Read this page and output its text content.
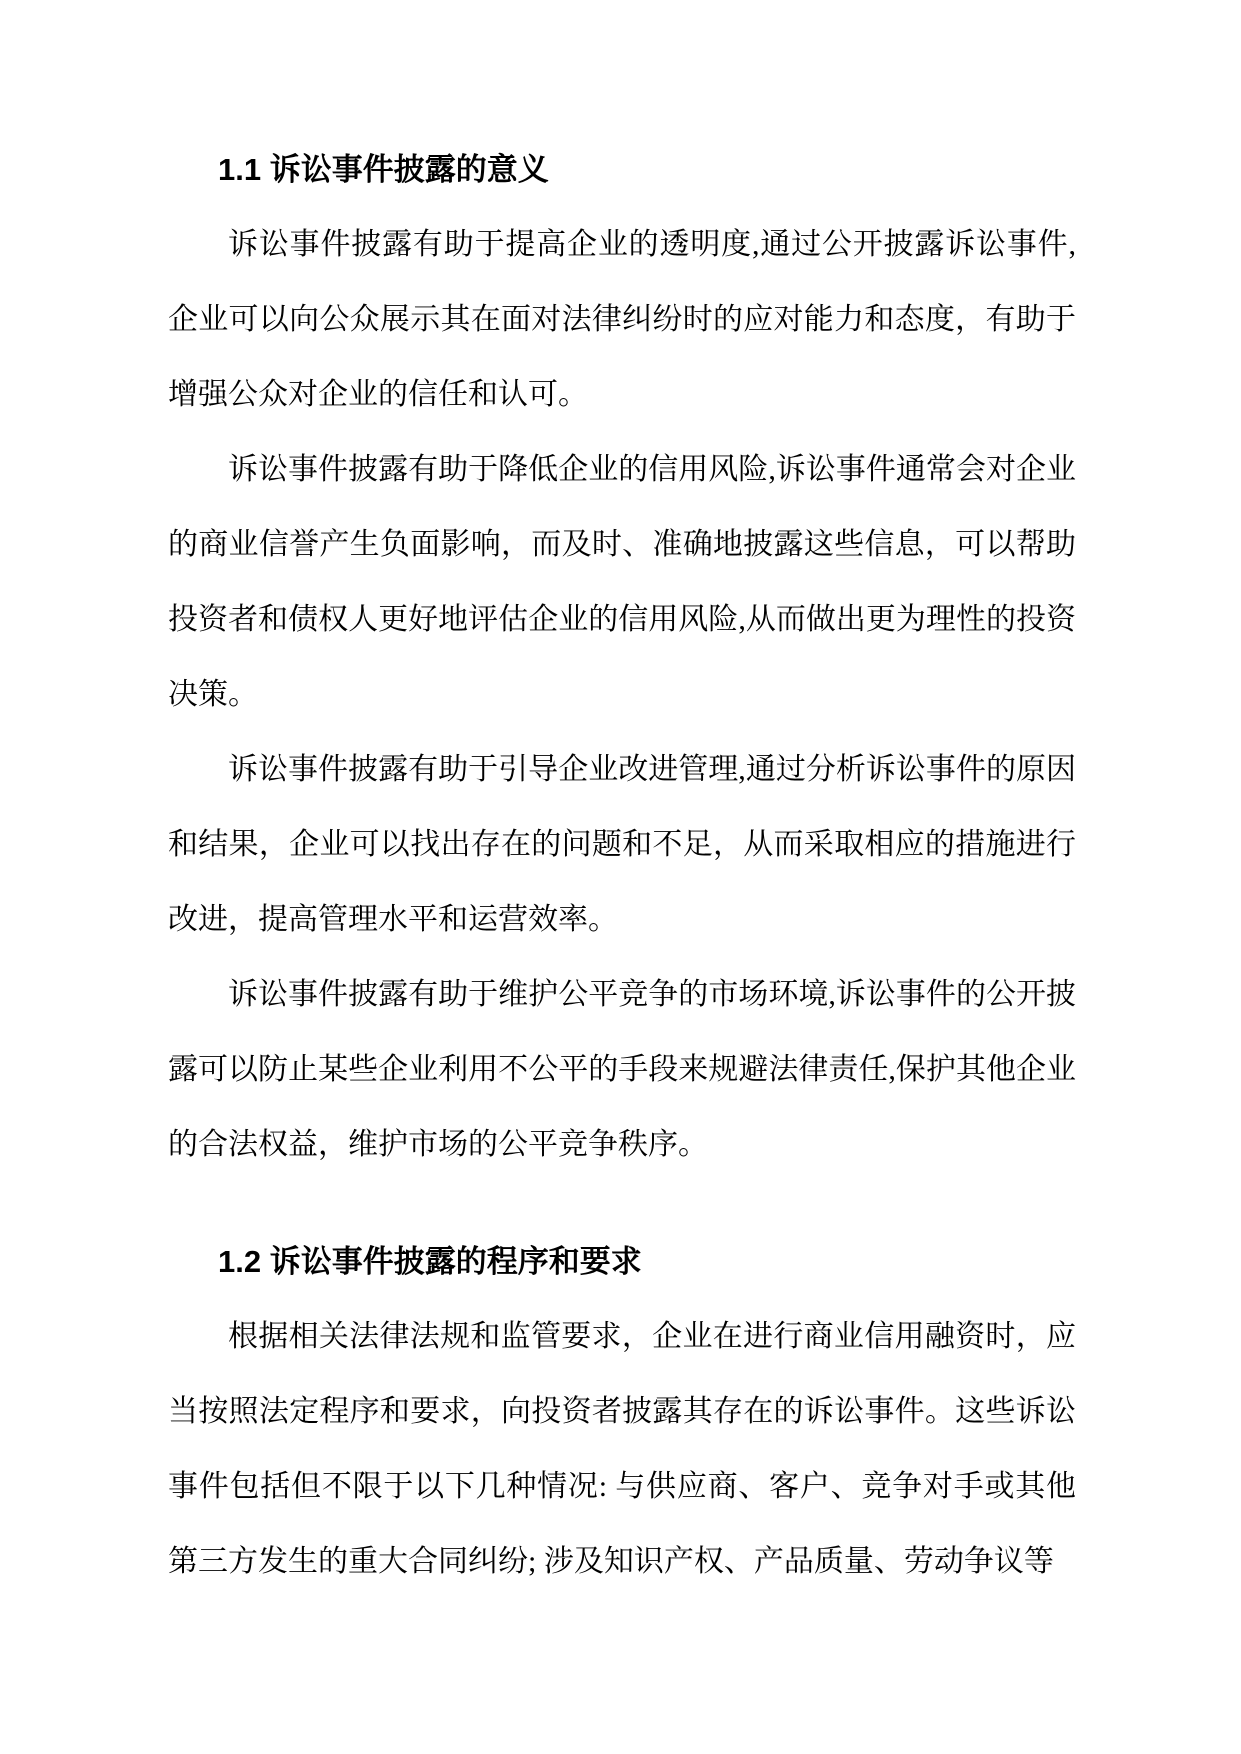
1.1 诉讼事件披露的意义

诉讼事件披露有助于提高企业的透明度,通过公开披露诉讼事件,企业可以向公众展示其在面对法律纠纷时的应对能力和态度，有助于增强公众对企业的信任和认可。

诉讼事件披露有助于降低企业的信用风险,诉讼事件通常会对企业的商业信誉产生负面影响，而及时、准确地披露这些信息，可以帮助投资者和债权人更好地评估企业的信用风险,从而做出更为理性的投资决策。

诉讼事件披露有助于引导企业改进管理,通过分析诉讼事件的原因和结果，企业可以找出存在的问题和不足，从而采取相应的措施进行改进，提高管理水平和运营效率。

诉讼事件披露有助于维护公平竞争的市场环境,诉讼事件的公开披露可以防止某些企业利用不公平的手段来规避法律责任,保护其他企业的合法权益，维护市场的公平竞争秩序。

1.2 诉讼事件披露的程序和要求

根据相关法律法规和监管要求，企业在进行商业信用融资时，应当按照法定程序和要求，向投资者披露其存在的诉讼事件。这些诉讼事件包括但不限于以下几种情况: 与供应商、客户、竞争对手或其他第三方发生的重大合同纠纷; 涉及知识产权、产品质量、劳动争议等
